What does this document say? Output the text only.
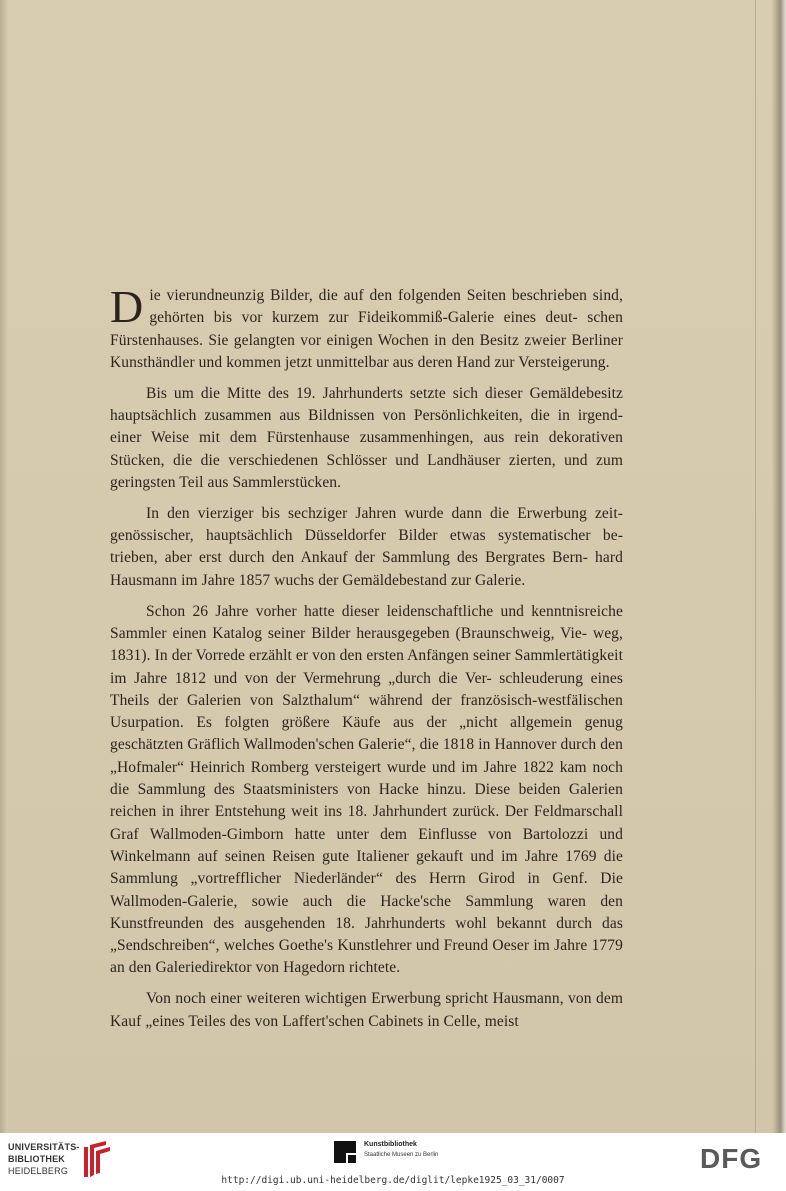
Die vierundneunzig Bilder, die auf den folgenden Seiten beschrieben sind, gehörten bis vor kurzem zur Fideikommiß-Galerie eines deut- schen Fürstenhauses. Sie gelangten vor einigen Wochen in den Besitz zweier Berliner Kunsthändler und kommen jetzt unmittelbar aus deren Hand zur Versteigerung.

Bis um die Mitte des 19. Jahrhunderts setzte sich dieser Gemäldebesitz hauptsächlich zusammen aus Bildnissen von Persönlichkeiten, die in irgend- einer Weise mit dem Fürstenhause zusammenhingen, aus rein dekorativen Stücken, die die verschiedenen Schlösser und Landhäuser zierten, und zum geringsten Teil aus Sammlerstücken.

In den vierziger bis sechziger Jahren wurde dann die Erwerbung zeit- genössischer, hauptsächlich Düsseldorfer Bilder etwas systematischer be- trieben, aber erst durch den Ankauf der Sammlung des Bergrates Bern- hard Hausmann im Jahre 1857 wuchs der Gemäldebestand zur Galerie.

Schon 26 Jahre vorher hatte dieser leidenschaftliche und kenntnisreiche Sammler einen Katalog seiner Bilder herausgegeben (Braunschweig, Vie- weg, 1831). In der Vorrede erzählt er von den ersten Anfängen seiner Sammlertätigkeit im Jahre 1812 und von der Vermehrung „durch die Ver- schleuderung eines Theils der Galerien von Salzthalum“ während der französisch-westfälischen Usurpation. Es folgten größere Käufe aus der „nicht allgemein genug geschätzten Gräflich Wallmoden'schen Galerie“, die 1818 in Hannover durch den „Hofmaler“ Heinrich Romberg versteigert wurde und im Jahre 1822 kam noch die Sammlung des Staatsministers von Hacke hinzu. Diese beiden Galerien reichen in ihrer Entstehung weit ins 18. Jahrhundert zurück. Der Feldmarschall Graf Wallmoden-Gimborn hatte unter dem Einflusse von Bartolozzi und Winkelmann auf seinen Reisen gute Italiener gekauft und im Jahre 1769 die Sammlung „vortrefflicher Niederländer“ des Herrn Girod in Genf. Die Wallmoden-Galerie, sowie auch die Hacke'sche Sammlung waren den Kunstfreunden des ausgehenden 18. Jahrhunderts wohl bekannt durch das „Sendschreiben“, welches Goethe's Kunstlehrer und Freund Oeser im Jahre 1779 an den Galeriedirektor von Hagedorn richtete.

Von noch einer weiteren wichtigen Erwerbung spricht Hausmann, von dem Kauf „eines Teiles des von Laffert'schen Cabinets in Celle, meist

UNIVERSITÄTS-
BIBLIOTHEK
HEIDELBERG
Kunstbibliothek
Staatliche Museen zu Berlin	DFG
http://digi.ub.uni-heidelberg.de/diglit/lepke1925_03_31/0007
